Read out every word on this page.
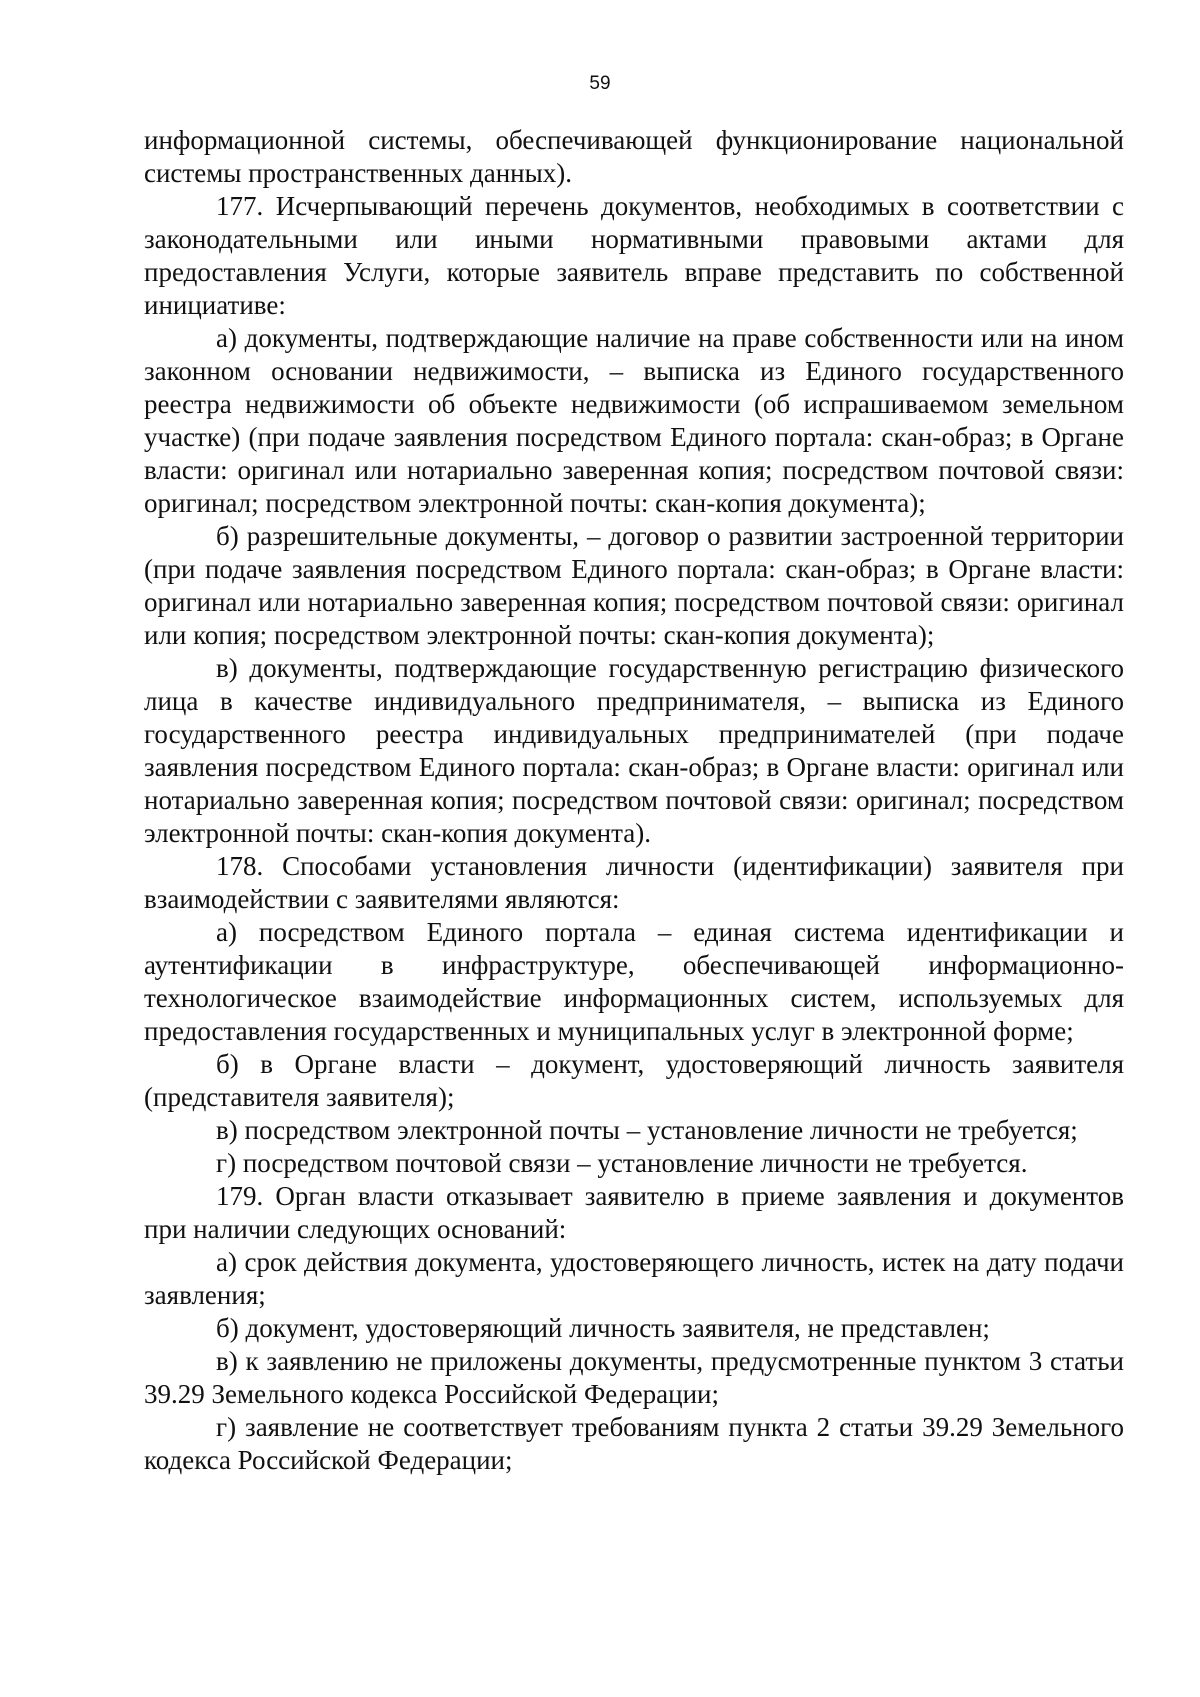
59

информационной системы, обеспечивающей функционирование национальной системы пространственных данных).

177. Исчерпывающий перечень документов, необходимых в соответствии с законодательными или иными нормативными правовыми актами для предоставления Услуги, которые заявитель вправе представить по собственной инициативе:

а) документы, подтверждающие наличие на праве собственности или на ином законном основании недвижимости, – выписка из Единого государственного реестра недвижимости об объекте недвижимости (об испрашиваемом земельном участке) (при подаче заявления посредством Единого портала: скан-образ; в Органе власти: оригинал или нотариально заверенная копия; посредством почтовой связи: оригинал; посредством электронной почты: скан-копия документа);

б) разрешительные документы, – договор о развитии застроенной территории (при подаче заявления посредством Единого портала: скан-образ; в Органе власти: оригинал или нотариально заверенная копия; посредством почтовой связи: оригинал или копия; посредством электронной почты: скан-копия документа);

в) документы, подтверждающие государственную регистрацию физического лица в качестве индивидуального предпринимателя, – выписка из Единого государственного реестра индивидуальных предпринимателей (при подаче заявления посредством Единого портала: скан-образ; в Органе власти: оригинал или нотариально заверенная копия; посредством почтовой связи: оригинал; посредством электронной почты: скан-копия документа).

178. Способами установления личности (идентификации) заявителя при взаимодействии с заявителями являются:

а) посредством Единого портала – единая система идентификации и аутентификации в инфраструктуре, обеспечивающей информационно-технологическое взаимодействие информационных систем, используемых для предоставления государственных и муниципальных услуг в электронной форме;

б) в Органе власти – документ, удостоверяющий личность заявителя (представителя заявителя);

в) посредством электронной почты – установление личности не требуется;

г) посредством почтовой связи – установление личности не требуется.

179. Орган власти отказывает заявителю в приеме заявления и документов при наличии следующих оснований:

а) срок действия документа, удостоверяющего личность, истек на дату подачи заявления;

б) документ, удостоверяющий личность заявителя, не представлен;

в) к заявлению не приложены документы, предусмотренные пунктом 3 статьи 39.29 Земельного кодекса Российской Федерации;

г) заявление не соответствует требованиям пункта 2 статьи 39.29 Земельного кодекса Российской Федерации;
